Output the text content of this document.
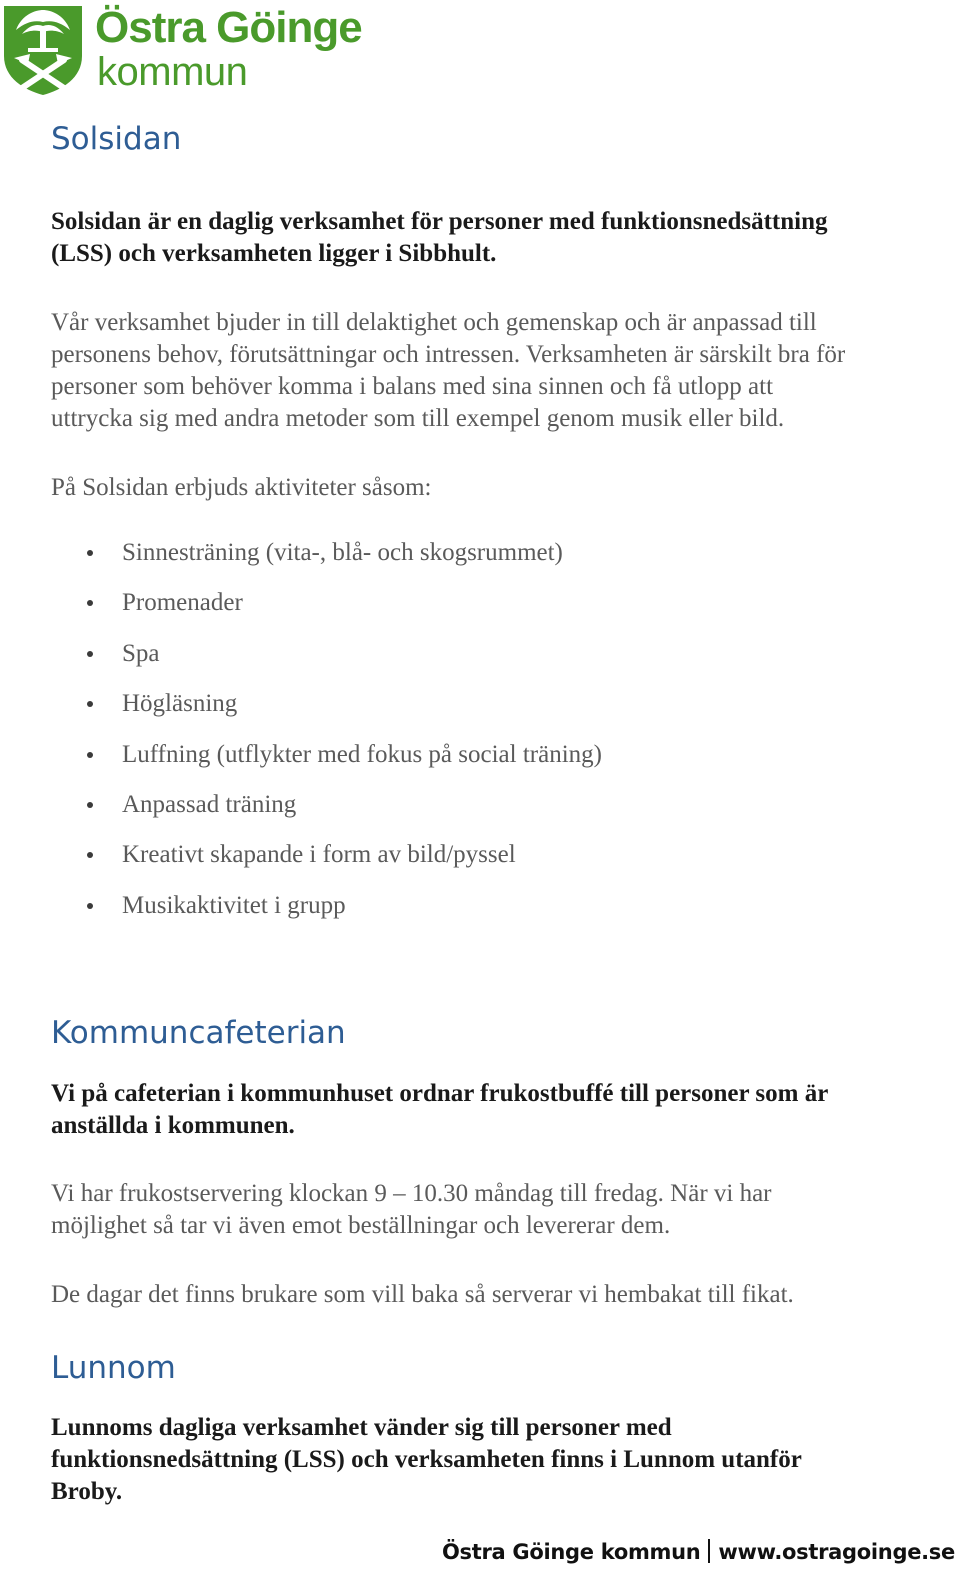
Östra Göinge
kommun
Solsidan
Solsidan är en daglig verksamhet för personer med funktionsnedsättning
(LSS) och verksamheten ligger i Sibbhult.
Vår verksamhet bjuder in till delaktighet och gemenskap och är anpassad till
personens behov, förutsättningar och intressen. Verksamheten är särskilt bra för
personer som behöver komma i balans med sina sinnen och få utlopp att
uttrycka sig med andra metoder som till exempel genom musik eller bild.
På Solsidan erbjuds aktiviteter såsom:
Sinnesträning (vita-, blå- och skogsrummet)
Promenader
Spa
Högläsning
Luffning (utflykter med fokus på social träning)
Anpassad träning
Kreativt skapande i form av bild/pyssel
Musikaktivitet i grupp
Kommuncafeterian
Vi på cafeterian i kommunhuset ordnar frukostbuffé till personer som är
anställda i kommunen.
Vi har frukostservering klockan 9 – 10.30 måndag till fredag. När vi har
möjlighet så tar vi även emot beställningar och levererar dem.
De dagar det finns brukare som vill baka så serverar vi hembakat till fikat.
Lunnom
Lunnoms dagliga verksamhet vänder sig till personer med
funktionsnedsättning (LSS) och verksamheten finns i Lunnom utanför
Broby.
Östra Göinge kommun www.ostragoinge.se
